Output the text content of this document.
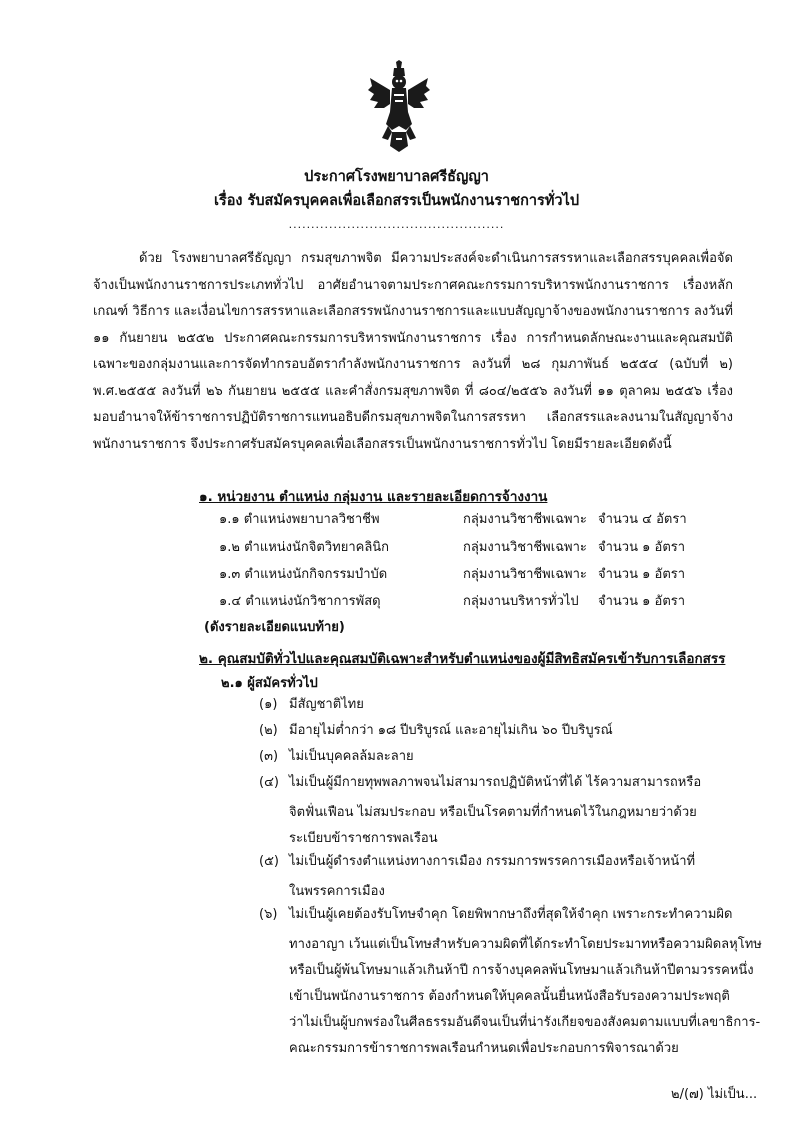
ประกาศโรงพยาบาลศรีธัญญา
เรื่อง รับสมัครบุคคลเพื่อเลือกสรรเป็นพนักงานราชการทั่วไป
................................................

ด้วย โรงพยาบาลศรีธัญญา กรมสุขภาพจิต มีความประสงค์จะดำเนินการสรรหาและเลือกสรรบุคคลเพื่อจัดจ้างเป็นพนักงานราชการประเภททั่วไป อาศัยอำนาจตามประกาศคณะกรรมการบริหารพนักงานราชการ เรื่องหลักเกณฑ์ วิธีการ และเงื่อนไขการสรรหาและเลือกสรรพนักงานราชการและแบบสัญญาจ้างของพนักงานราชการ ลงวันที่ ๑๑ กันยายน ๒๕๕๒ ประกาศคณะกรรมการบริหารพนักงานราชการ เรื่อง การกำหนดลักษณะงานและคุณสมบัติเฉพาะของกลุ่มงานและการจัดทำกรอบอัตรากำลังพนักงานราชการ ลงวันที่ ๒๘ กุมภาพันธ์ ๒๕๕๔ (ฉบับที่ ๒) พ.ศ.๒๕๕๕ ลงวันที่ ๒๖ กันยายน ๒๕๕๕ และคำสั่งกรมสุขภาพจิต ที่ ๘๐๔/๒๕๕๖ ลงวันที่ ๑๑ ตุลาคม ๒๕๕๖ เรื่อง มอบอำนาจให้ข้าราชการปฏิบัติราชการแทนอธิบดีกรมสุขภาพจิตในการสรรหา เลือกสรรและลงนามในสัญญาจ้างพนักงานราชการ จึงประกาศรับสมัครบุคคลเพื่อเลือกสรรเป็นพนักงานราชการทั่วไป โดยมีรายละเอียดดังนี้

๑. หน่วยงาน ตำแหน่ง กลุ่มงาน และรายละเอียดการจ้างงาน
๑.๑ ตำแหน่งพยาบาลวิชาชีพ	กลุ่มงานวิชาชีพเฉพาะ จำนวน ๔ อัตรา
๑.๒ ตำแหน่งนักจิตวิทยาคลินิก	กลุ่มงานวิชาชีพเฉพาะ จำนวน ๑ อัตรา
๑.๓ ตำแหน่งนักกิจกรรมบำบัด	กลุ่มงานวิชาชีพเฉพาะ จำนวน ๑ อัตรา
๑.๔ ตำแหน่งนักวิชาการพัสดุ	กลุ่มงานบริหารทั่วไป จำนวน ๑ อัตรา
(ดังรายละเอียดแนบท้าย)
๒. คุณสมบัติทั่วไปและคุณสมบัติเฉพาะสำหรับตำแหน่งของผู้มีสิทธิสมัครเข้ารับการเลือกสรร
๒.๑ ผู้สมัครทั่วไป
(๑) มีสัญชาติไทย
(๒) มีอายุไม่ต่ำกว่า ๑๘ ปีบริบูรณ์ และอายุไม่เกิน ๖๐ ปีบริบูรณ์
(๓) ไม่เป็นบุคคลล้มละลาย
(๔) ไม่เป็นผู้มีกายทุพพลภาพจนไม่สามารถปฏิบัติหน้าที่ได้ ไร้ความสามารถหรือ
จิตฟั่นเฟือน ไม่สมประกอบ หรือเป็นโรคตามที่กำหนดไว้ในกฎหมายว่าด้วย
ระเบียบข้าราชการพลเรือน
(๕) ไม่เป็นผู้ดำรงตำแหน่งทางการเมือง กรรมการพรรคการเมืองหรือเจ้าหน้าที่
ในพรรคการเมือง
(๖) ไม่เป็นผู้เคยต้องรับโทษจำคุก โดยพิพากษาถึงที่สุดให้จำคุก เพราะกระทำความผิด
ทางอาญา เว้นแต่เป็นโทษสำหรับความผิดที่ได้กระทำโดยประมาทหรือความผิดลหุโทษ
หรือเป็นผู้พ้นโทษมาแล้วเกินห้าปี การจ้างบุคคลพ้นโทษมาแล้วเกินห้าปีตามวรรคหนึ่ง
เข้าเป็นพนักงานราชการ ต้องกำหนดให้บุคคลนั้นยื่นหนังสือรับรองความประพฤติ
ว่าไม่เป็นผู้บกพร่องในศีลธรรมอันดีจนเป็นที่น่ารังเกียจของสังคมตามแบบที่เลขาธิการ-
คณะกรรมการข้าราชการพลเรือนกำหนดเพื่อประกอบการพิจารณาด้วย
๒/(๗) ไม่เป็น...
